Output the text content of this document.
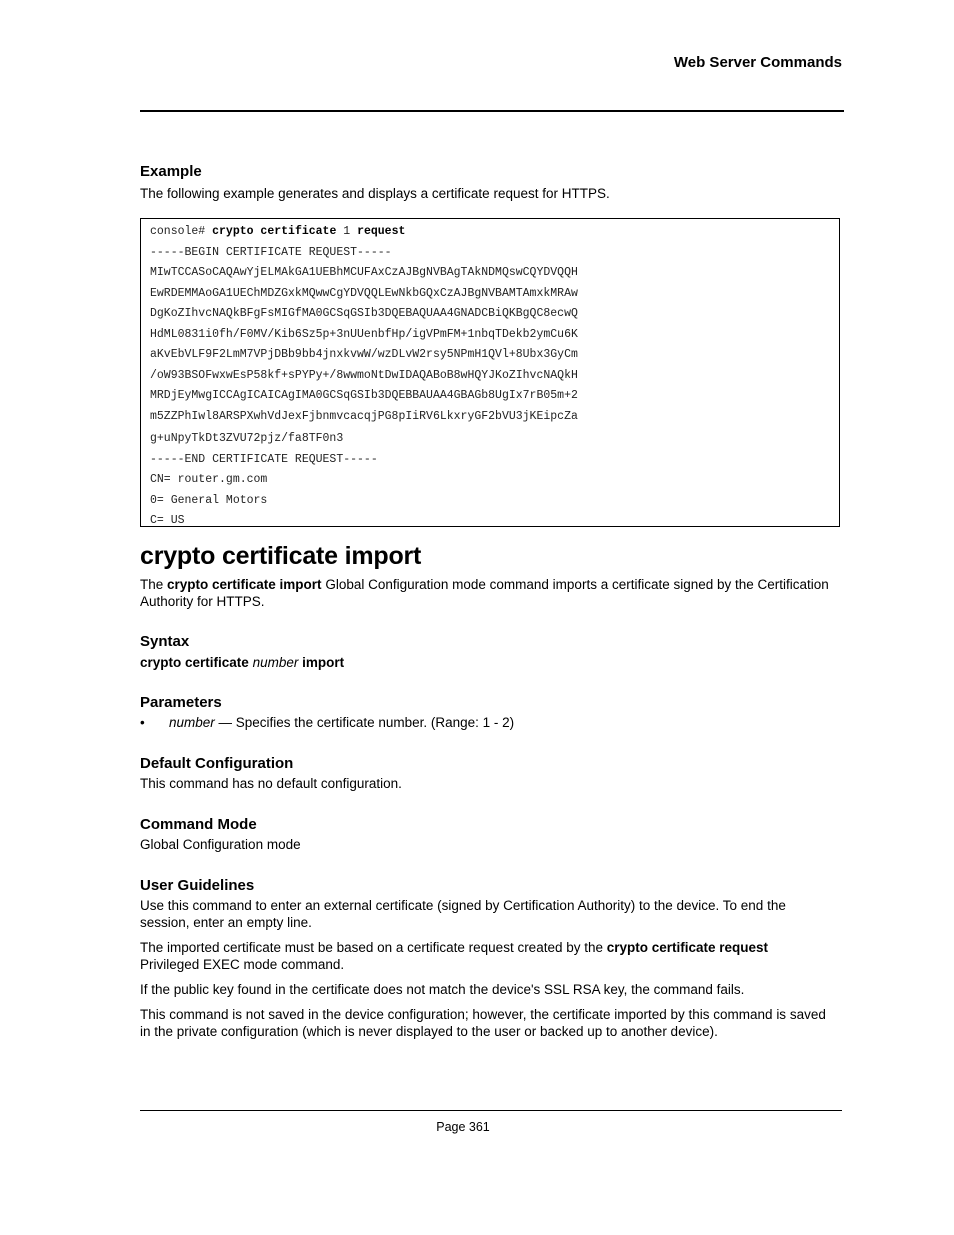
Web Server Commands
Example

The following example generates and displays a certificate request for HTTPS.

console# crypto certificate 1 request
-----BEGIN CERTIFICATE REQUEST-----
MIwTCCASoCAQAwYjELMAkGA1UEBhMCUFAxCzAJBgNVBAgTAkNDMQswCQYDVQQH
EwRDEMMAoGA1UEChMDZGxkMQwwCgYDVQQLEwNkbGQxCzAJBgNVBAMTAmxkMRAw
DgKoZIhvcNAQkBFgFsMIGfMA0GCSqGSIb3DQEBAQUAA4GNADCBiQKBgQC8ecwQ
HdML0831i0fh/F0MV/Kib6Sz5p+3nUUenbfHp/igVPmFM+1nbqTDekb2ymCu6K
aKvEbVLF9F2LmM7VPjDBb9bb4jnxkvwW/wzDLvW2rsy5NPmH1QVl+8Ubx3GyCm
/oW93BSOFwxwEsP58kf+sPYPy+/8wwmoNtDwIDAQABoB8wHQYJKoZIhvcNAQkH
MRDjEyMwgICCAgICAICAgIMA0GCSqGSIb3DQEBBAUAA4GBAGb8UgIx7rB05m+2
m5ZZPhIwl8ARSPXwhVdJexFjbnmvcacqjPG8pIiRV6LkxryGF2bVU3jKEipcZa
g+uNpyTkDt3ZVU72pjz/fa8TF0n3
-----END CERTIFICATE REQUEST-----
CN= router.gm.com
0= General Motors
C= US
crypto certificate import

The crypto certificate import Global Configuration mode command imports a certificate signed by the Certification Authority for HTTPS.

Syntax

crypto certificate number import

Parameters
• number — Specifies the certificate number. (Range: 1 - 2)
Default Configuration

This command has no default configuration.

Command Mode

Global Configuration mode

User Guidelines

Use this command to enter an external certificate (signed by Certification Authority) to the device. To end the session, enter an empty line.

The imported certificate must be based on a certificate request created by the crypto certificate request Privileged EXEC mode command.

If the public key found in the certificate does not match the device's SSL RSA key, the command fails.

This command is not saved in the device configuration; however, the certificate imported by this command is saved in the private configuration (which is never displayed to the user or backed up to another device).

Page 361
